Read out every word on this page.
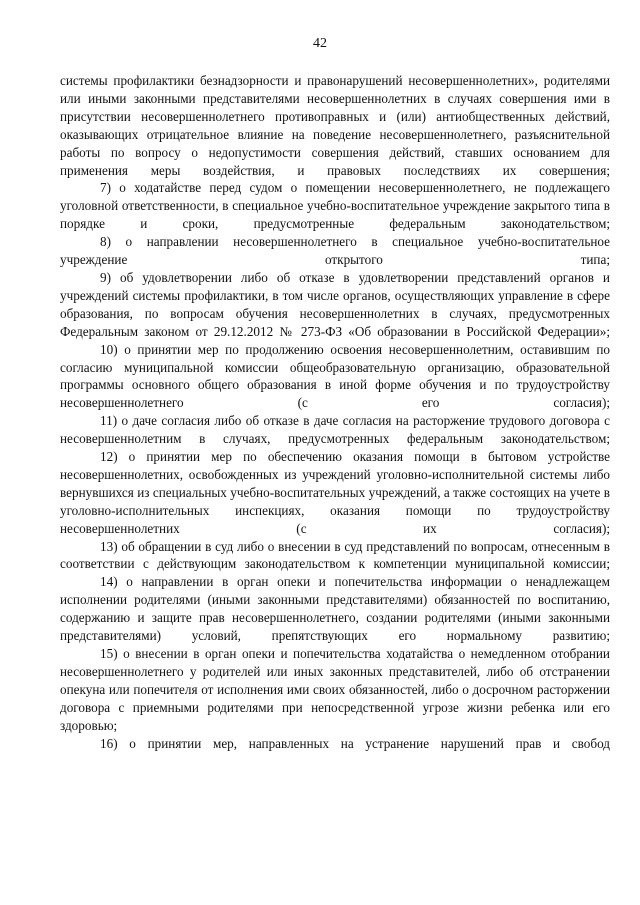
42

системы профилактики безнадзорности и правонарушений несовершеннолетних», родителями или иными законными представителями несовершеннолетних в случаях совершения ими в присутствии несовершеннолетнего противоправных и (или) антиобщественных действий, оказывающих отрицательное влияние на поведение несовершеннолетнего, разъяснительной работы по вопросу о недопустимости совершения действий, ставших основанием для применения меры воздействия, и правовых последствиях их совершения;

7) о ходатайстве перед судом о помещении несовершеннолетнего, не подлежащего уголовной ответственности, в специальное учебно-воспитательное учреждение закрытого типа в порядке и сроки, предусмотренные федеральным законодательством;

8) о направлении несовершеннолетнего в специальное учебно-воспитательное учреждение открытого типа;

9) об удовлетворении либо об отказе в удовлетворении представлений органов и учреждений системы профилактики, в том числе органов, осуществляющих управление в сфере образования, по вопросам обучения несовершеннолетних в случаях, предусмотренных Федеральным законом от 29.12.2012 № 273-ФЗ «Об образовании в Российской Федерации»;

10) о принятии мер по продолжению освоения несовершеннолетним, оставившим по согласию муниципальной комиссии общеобразовательную организацию, образовательной программы основного общего образования в иной форме обучения и по трудоустройству несовершеннолетнего (с его согласия);

11) о даче согласия либо об отказе в даче согласия на расторжение трудового договора с несовершеннолетним в случаях, предусмотренных федеральным законодательством;

12) о принятии мер по обеспечению оказания помощи в бытовом устройстве несовершеннолетних, освобожденных из учреждений уголовно-исполнительной системы либо вернувшихся из специальных учебно-воспитательных учреждений, а также состоящих на учете в уголовно-исполнительных инспекциях, оказания помощи по трудоустройству несовершеннолетних (с их согласия);

13) об обращении в суд либо о внесении в суд представлений по вопросам, отнесенным в соответствии с действующим законодательством к компетенции муниципальной комиссии;

14) о направлении в орган опеки и попечительства информации о ненадлежащем исполнении родителями (иными законными представителями) обязанностей по воспитанию, содержанию и защите прав несовершеннолетнего, создании родителями (иными законными представителями) условий, препятствующих его нормальному развитию;

15) о внесении в орган опеки и попечительства ходатайства о немедленном отобрании несовершеннолетнего у родителей или иных законных представителей, либо об отстранении опекуна или попечителя от исполнения ими своих обязанностей, либо о досрочном расторжении договора с приемными родителями при непосредственной угрозе жизни ребенка или его здоровью;

16) о принятии мер, направленных на устранение нарушений прав и свобод
